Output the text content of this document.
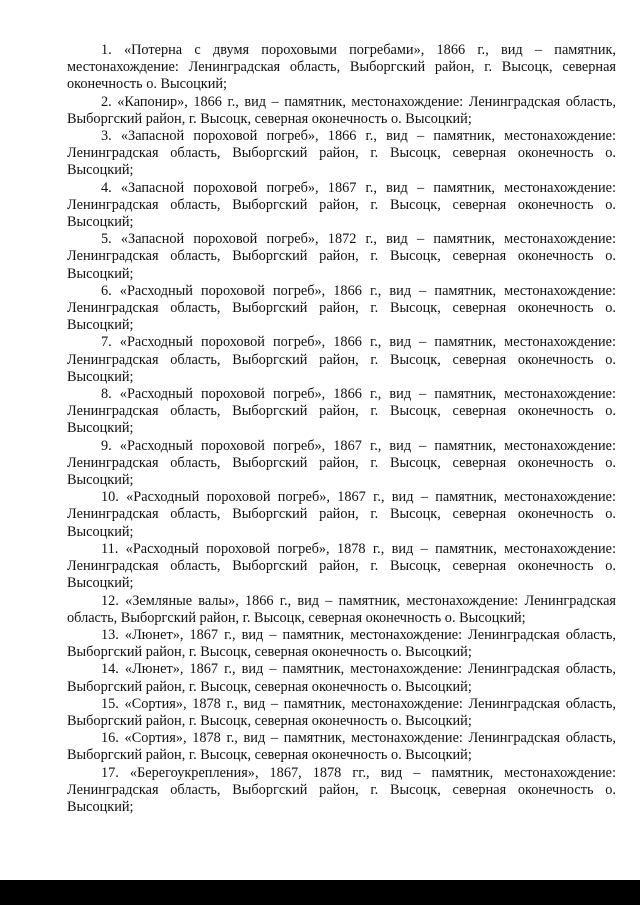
1. «Потерна с двумя пороховыми погребами», 1866 г., вид – памятник, местонахождение: Ленинградская область, Выборгский район, г. Высоцк, северная оконечность о. Высоцкий;

2. «Капонир», 1866 г., вид – памятник, местонахождение: Ленинградская область, Выборгский район, г. Высоцк, северная оконечность о. Высоцкий;

3. «Запасной пороховой погреб», 1866 г., вид – памятник, местонахождение: Ленинградская область, Выборгский район, г. Высоцк, северная оконечность о. Высоцкий;

4. «Запасной пороховой погреб», 1867 г., вид – памятник, местонахождение: Ленинградская область, Выборгский район, г. Высоцк, северная оконечность о. Высоцкий;

5. «Запасной пороховой погреб», 1872 г., вид – памятник, местонахождение: Ленинградская область, Выборгский район, г. Высоцк, северная оконечность о. Высоцкий;

6. «Расходный пороховой погреб», 1866 г., вид – памятник, местонахождение: Ленинградская область, Выборгский район, г. Высоцк, северная оконечность о. Высоцкий;

7. «Расходный пороховой погреб», 1866 г., вид – памятник, местонахождение: Ленинградская область, Выборгский район, г. Высоцк, северная оконечность о. Высоцкий;

8. «Расходный пороховой погреб», 1866 г., вид – памятник, местонахождение: Ленинградская область, Выборгский район, г. Высоцк, северная оконечность о. Высоцкий;

9. «Расходный пороховой погреб», 1867 г., вид – памятник, местонахождение: Ленинградская область, Выборгский район, г. Высоцк, северная оконечность о. Высоцкий;

10. «Расходный пороховой погреб», 1867 г., вид – памятник, местонахождение: Ленинградская область, Выборгский район, г. Высоцк, северная оконечность о. Высоцкий;

11. «Расходный пороховой погреб», 1878 г., вид – памятник, местонахождение: Ленинградская область, Выборгский район, г. Высоцк, северная оконечность о. Высоцкий;

12. «Земляные валы», 1866 г., вид – памятник, местонахождение: Ленинградская область, Выборгский район, г. Высоцк, северная оконечность о. Высоцкий;

13. «Люнет», 1867 г., вид – памятник, местонахождение: Ленинградская область, Выборгский район, г. Высоцк, северная оконечность о. Высоцкий;

14. «Люнет», 1867 г., вид – памятник, местонахождение: Ленинградская область, Выборгский район, г. Высоцк, северная оконечность о. Высоцкий;

15. «Сортия», 1878 г., вид – памятник, местонахождение: Ленинградская область, Выборгский район, г. Высоцк, северная оконечность о. Высоцкий;

16. «Сортия», 1878 г., вид – памятник, местонахождение: Ленинградская область, Выборгский район, г. Высоцк, северная оконечность о. Высоцкий;

17. «Берегоукрепления», 1867, 1878 гг., вид – памятник, местонахождение: Ленинградская область, Выборгский район, г. Высоцк, северная оконечность о. Высоцкий;
